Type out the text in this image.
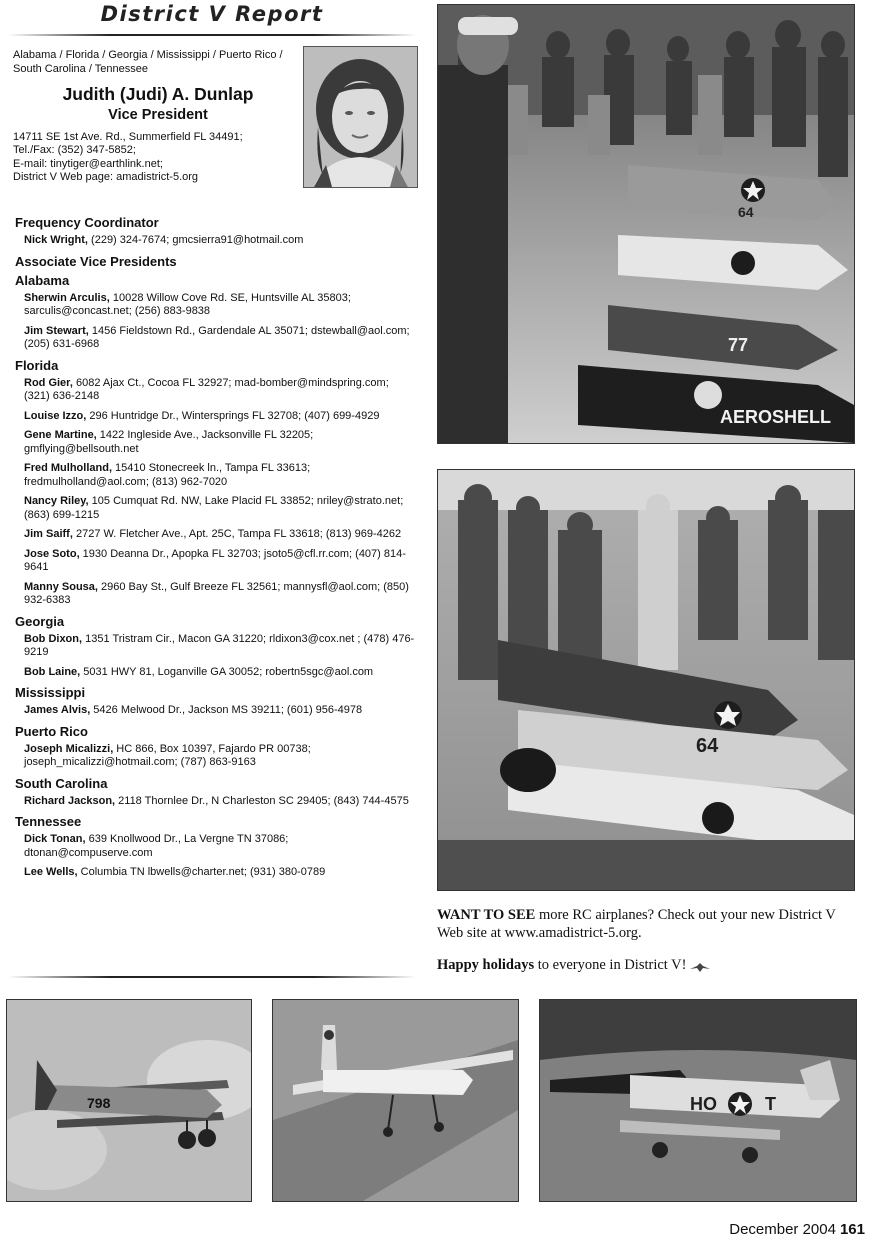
District V Report
Alabama / Florida / Georgia / Mississippi / Puerto Rico / South Carolina / Tennessee
Judith (Judi) A. Dunlap
Vice President
14711 SE 1st Ave. Rd., Summerfield FL 34491;
Tel./Fax: (352) 347-5852;
E-mail: tinytiger@earthlink.net;
District V Web page: amadistrict-5.org
Frequency Coordinator
Nick Wright, (229) 324-7674; gmcsierra91@hotmail.com
Associate Vice Presidents
Alabama
Sherwin Arculis, 10028 Willow Cove Rd. SE, Huntsville AL 35803; sarculis@concast.net; (256) 883-9838
Jim Stewart, 1456 Fieldstown Rd., Gardendale AL 35071; dstewball@aol.com; (205) 631-6968
Florida
Rod Gier, 6082 Ajax Ct., Cocoa FL 32927; mad-bomber@mindspring.com; (321) 636-2148
Louise Izzo, 296 Huntridge Dr., Wintersprings FL 32708; (407) 699-4929
Gene Martine, 1422 Ingleside Ave., Jacksonville FL 32205; gmflying@bellsouth.net
Fred Mulholland, 15410 Stonecreek ln., Tampa FL 33613; fredmulholland@aol.com; (813) 962-7020
Nancy Riley, 105 Cumquat Rd. NW, Lake Placid FL 33852; nriley@strato.net; (863) 699-1215
Jim Saiff, 2727 W. Fletcher Ave., Apt. 25C, Tampa FL 33618; (813) 969-4262
Jose Soto, 1930 Deanna Dr., Apopka FL 32703; jsoto5@cfl.rr.com; (407) 814-9641
Manny Sousa, 2960 Bay St., Gulf Breeze FL 32561; mannysfl@aol.com; (850) 932-6383
Georgia
Bob Dixon, 1351 Tristram Cir., Macon GA 31220; rldixon3@cox.net ; (478) 476-9219
Bob Laine, 5031 HWY 81, Loganville GA 30052; robertn5sgc@aol.com
Mississippi
James Alvis, 5426 Melwood Dr., Jackson MS 39211; (601) 956-4978
Puerto Rico
Joseph Micalizzi, HC 866, Box 10397, Fajardo PR 00738; joseph_micalizzi@hotmail.com; (787) 863-9163
South Carolina
Richard Jackson, 2118 Thornlee Dr., N Charleston SC 29405; (843) 744-4575
Tennessee
Dick Tonan, 639 Knollwood Dr., La Vergne TN 37086; dtonan@compuserve.com
Lee Wells, Columbia TN lbwells@charter.net; (931) 380-0789
77
AEROSHELL
64
64

WANT TO SEE more RC airplanes? Check out your new District V Web site at www.amadistrict-5.org.

Happy holidays to everyone in District V!

798	HO	T
December 2004 161
